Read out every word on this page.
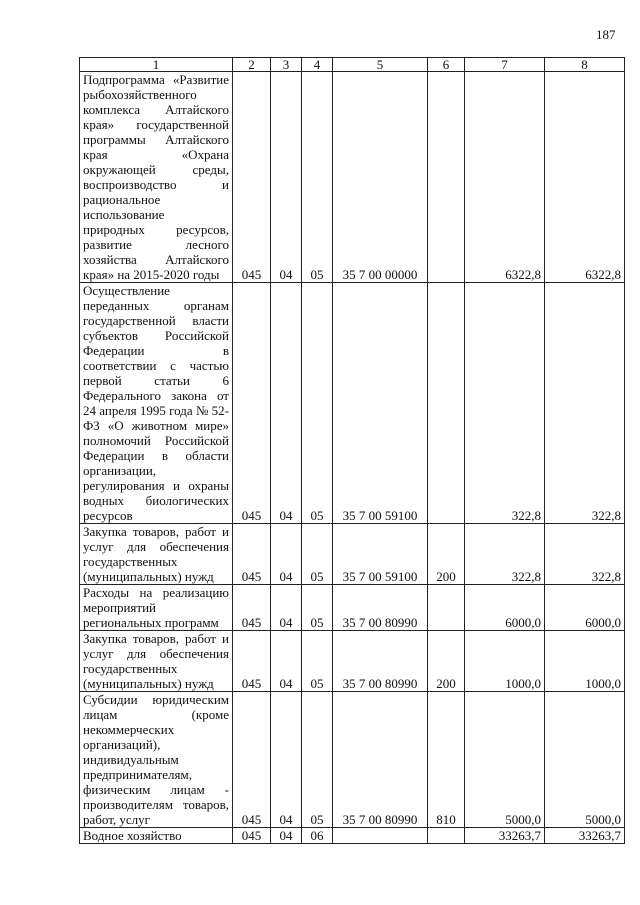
187
1	2	3	4	5	6	7	8
Подпрограмма «Развитие рыбохозяйственного комплекса Алтайского края» государственной программы Алтайского края «Охрана окружающей среды, воспроизводство и рациональное использование природных ресурсов, развитие лесного хозяйства Алтайского края» на 2015-2020 годы	045	04	05	35 7 00 00000		6322,8	6322,8
Осуществление переданных органам государственной власти субъектов Российской Федерации в соответствии с частью первой статьи 6 Федерального закона от 24 апреля 1995 года № 52-ФЗ «О животном мире» полномочий Российской Федерации в области организации, регулирования и охраны водных биологических ресурсов	045	04	05	35 7 00 59100		322,8	322,8
Закупка товаров, работ и услуг для обеспечения государственных (муниципальных) нужд	045	04	05	35 7 00 59100	200	322,8	322,8
Расходы на реализацию мероприятий региональных программ	045	04	05	35 7 00 80990		6000,0	6000,0
Закупка товаров, работ и услуг для обеспечения государственных (муниципальных) нужд	045	04	05	35 7 00 80990	200	1000,0	1000,0
Субсидии юридическим лицам (кроме некоммерческих организаций), индивидуальным предпринимателям, физическим лицам - производителям товаров, работ, услуг	045	04	05	35 7 00 80990	810	5000,0	5000,0
Водное хозяйство	045	04	06			33263,7	33263,7
